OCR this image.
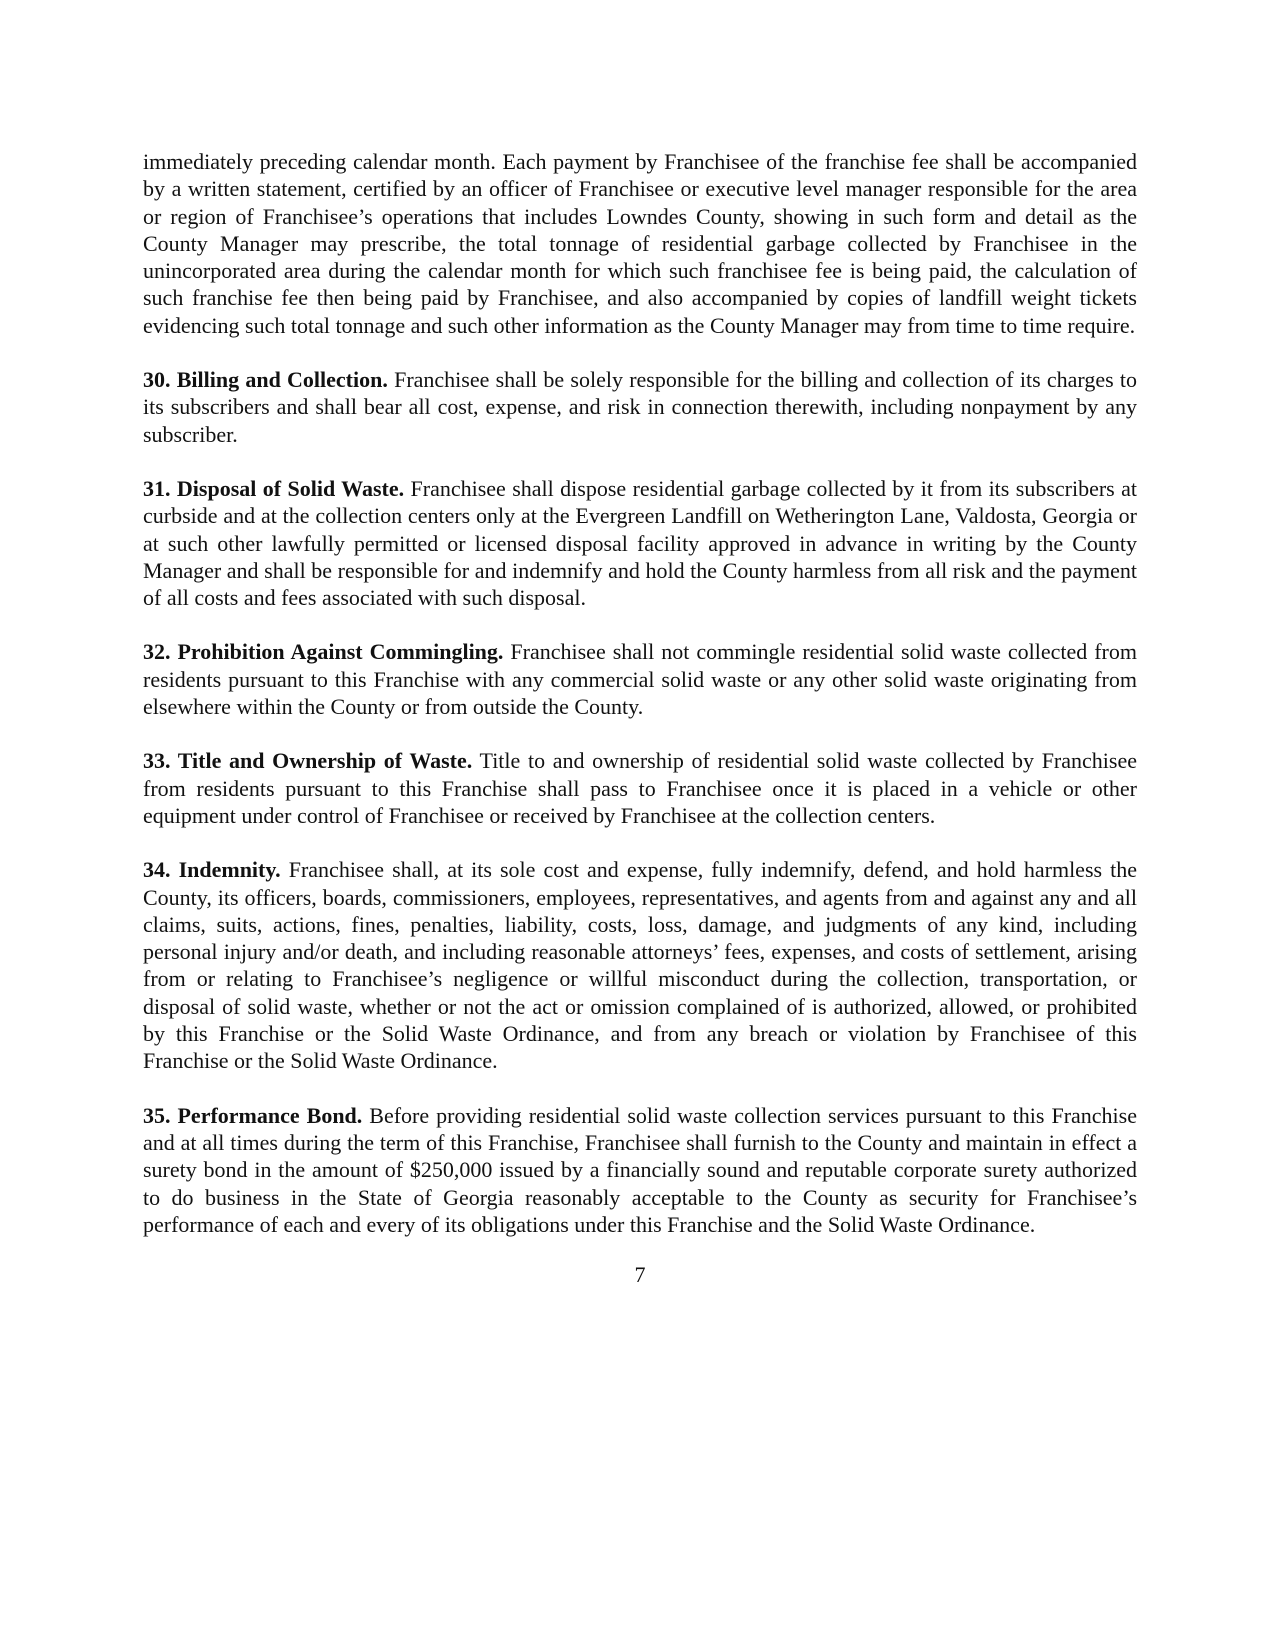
immediately preceding calendar month. Each payment by Franchisee of the franchise fee shall be accompanied by a written statement, certified by an officer of Franchisee or executive level manager responsible for the area or region of Franchisee’s operations that includes Lowndes County, showing in such form and detail as the County Manager may prescribe, the total tonnage of residential garbage collected by Franchisee in the unincorporated area during the calendar month for which such franchisee fee is being paid, the calculation of such franchise fee then being paid by Franchisee, and also accompanied by copies of landfill weight tickets evidencing such total tonnage and such other information as the County Manager may from time to time require.

30. Billing and Collection. Franchisee shall be solely responsible for the billing and collection of its charges to its subscribers and shall bear all cost, expense, and risk in connection therewith, including nonpayment by any subscriber.

31. Disposal of Solid Waste. Franchisee shall dispose residential garbage collected by it from its subscribers at curbside and at the collection centers only at the Evergreen Landfill on Wetherington Lane, Valdosta, Georgia or at such other lawfully permitted or licensed disposal facility approved in advance in writing by the County Manager and shall be responsible for and indemnify and hold the County harmless from all risk and the payment of all costs and fees associated with such disposal.

32. Prohibition Against Commingling. Franchisee shall not commingle residential solid waste collected from residents pursuant to this Franchise with any commercial solid waste or any other solid waste originating from elsewhere within the County or from outside the County.

33. Title and Ownership of Waste. Title to and ownership of residential solid waste collected by Franchisee from residents pursuant to this Franchise shall pass to Franchisee once it is placed in a vehicle or other equipment under control of Franchisee or received by Franchisee at the collection centers.

34. Indemnity. Franchisee shall, at its sole cost and expense, fully indemnify, defend, and hold harmless the County, its officers, boards, commissioners, employees, representatives, and agents from and against any and all claims, suits, actions, fines, penalties, liability, costs, loss, damage, and judgments of any kind, including personal injury and/or death, and including reasonable attorneys’ fees, expenses, and costs of settlement, arising from or relating to Franchisee’s negligence or willful misconduct during the collection, transportation, or disposal of solid waste, whether or not the act or omission complained of is authorized, allowed, or prohibited by this Franchise or the Solid Waste Ordinance, and from any breach or violation by Franchisee of this Franchise or the Solid Waste Ordinance.

35. Performance Bond. Before providing residential solid waste collection services pursuant to this Franchise and at all times during the term of this Franchise, Franchisee shall furnish to the County and maintain in effect a surety bond in the amount of $250,000 issued by a financially sound and reputable corporate surety authorized to do business in the State of Georgia reasonably acceptable to the County as security for Franchisee’s performance of each and every of its obligations under this Franchise and the Solid Waste Ordinance.

7
